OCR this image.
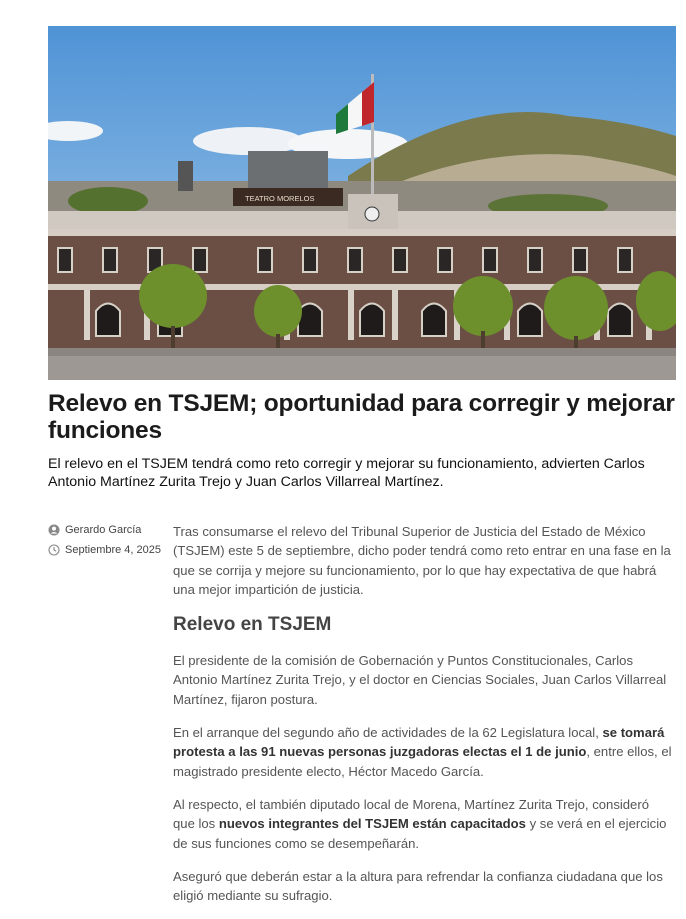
TEATRO MORELOS
Relevo en TSJEM; oportunidad para corregir y mejorar funciones

El relevo en el TSJEM tendrá como reto corregir y mejorar su funcionamiento, advierten Carlos Antonio Martínez Zurita Trejo y Juan Carlos Villarreal Martínez.

Gerardo García
Septiembre 4, 2025

Tras consumarse el relevo del Tribunal Superior de Justicia del Estado de México (TSJEM) este 5 de septiembre, dicho poder tendrá como reto entrar en una fase en la que se corrija y mejore su funcionamiento, por lo que hay expectativa de que habrá una mejor impartición de justicia.

Relevo en TSJEM

El presidente de la comisión de Gobernación y Puntos Constitucionales, Carlos Antonio Martínez Zurita Trejo, y el doctor en Ciencias Sociales, Juan Carlos Villarreal Martínez, fijaron postura.

En el arranque del segundo año de actividades de la 62 Legislatura local, se tomará protesta a las 91 nuevas personas juzgadoras electas el 1 de junio, entre ellos, el magistrado presidente electo, Héctor Macedo García.

Al respecto, el también diputado local de Morena, Martínez Zurita Trejo, consideró que los nuevos integrantes del TSJEM están capacitados y se verá en el ejercicio de sus funciones como se desempeñarán.

Aseguró que deberán estar a la altura para refrendar la confianza ciudadana que los eligió mediante su sufragio.
